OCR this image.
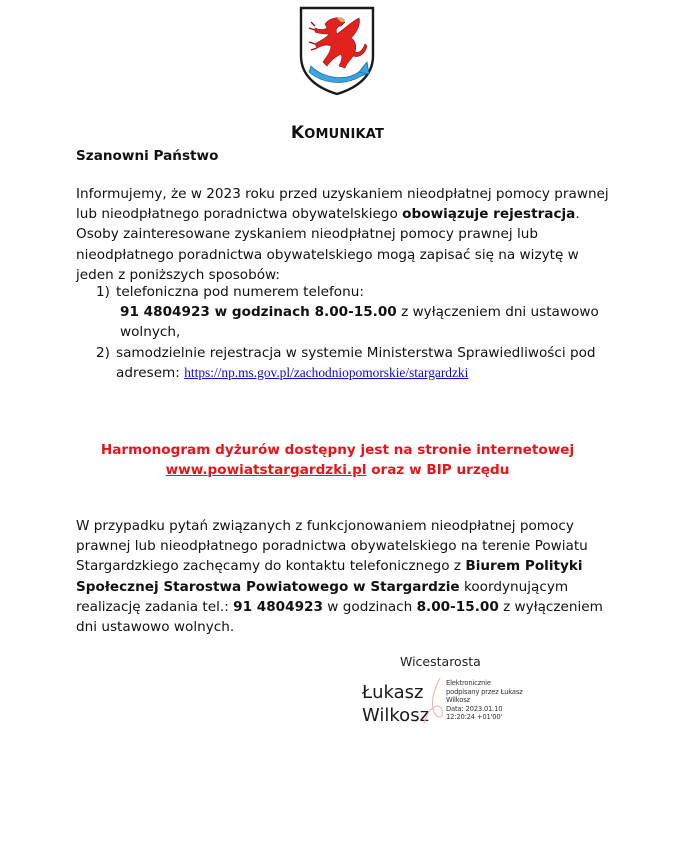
KOMUNIKAT
Szanowni Państwo
Informujemy, że w 2023 roku przed uzyskaniem nieodpłatnej pomocy prawnej lub nieodpłatnego poradnictwa obywatelskiego obowiązuje rejestracja. Osoby zainteresowane zyskaniem nieodpłatnej pomocy prawnej lub nieodpłatnego poradnictwa obywatelskiego mogą zapisać się na wizytę w jeden z poniższych sposobów:
1) telefoniczna pod numerem telefonu:
91 4804923 w godzinach 8.00-15.00 z wyłączeniem dni ustawowo wolnych,
2) samodzielnie rejestracja w systemie Ministerstwa Sprawiedliwości pod adresem: https://np.ms.gov.pl/zachodniopomorskie/stargardzki
Harmonogram dyżurów dostępny jest na stronie internetowej
www.powiatstargardzki.pl oraz w BIP urzędu
W przypadku pytań związanych z funkcjonowaniem nieodpłatnej pomocy prawnej lub nieodpłatnego poradnictwa obywatelskiego na terenie Powiatu Stargardzkiego zachęcamy do kontaktu telefonicznego z Biurem Polityki Społecznej Starostwa Powiatowego w Stargardzie koordynującym realizację zadania tel.: 91 4804923 w godzinach 8.00-15.00 z wyłączeniem dni ustawowo wolnych.
Wicestarosta
Łukasz
Wilkosz
Elektronicznie
podpisany przez Łukasz
Wilkosz
Data: 2023.01.10
12:20:24 +01'00'
